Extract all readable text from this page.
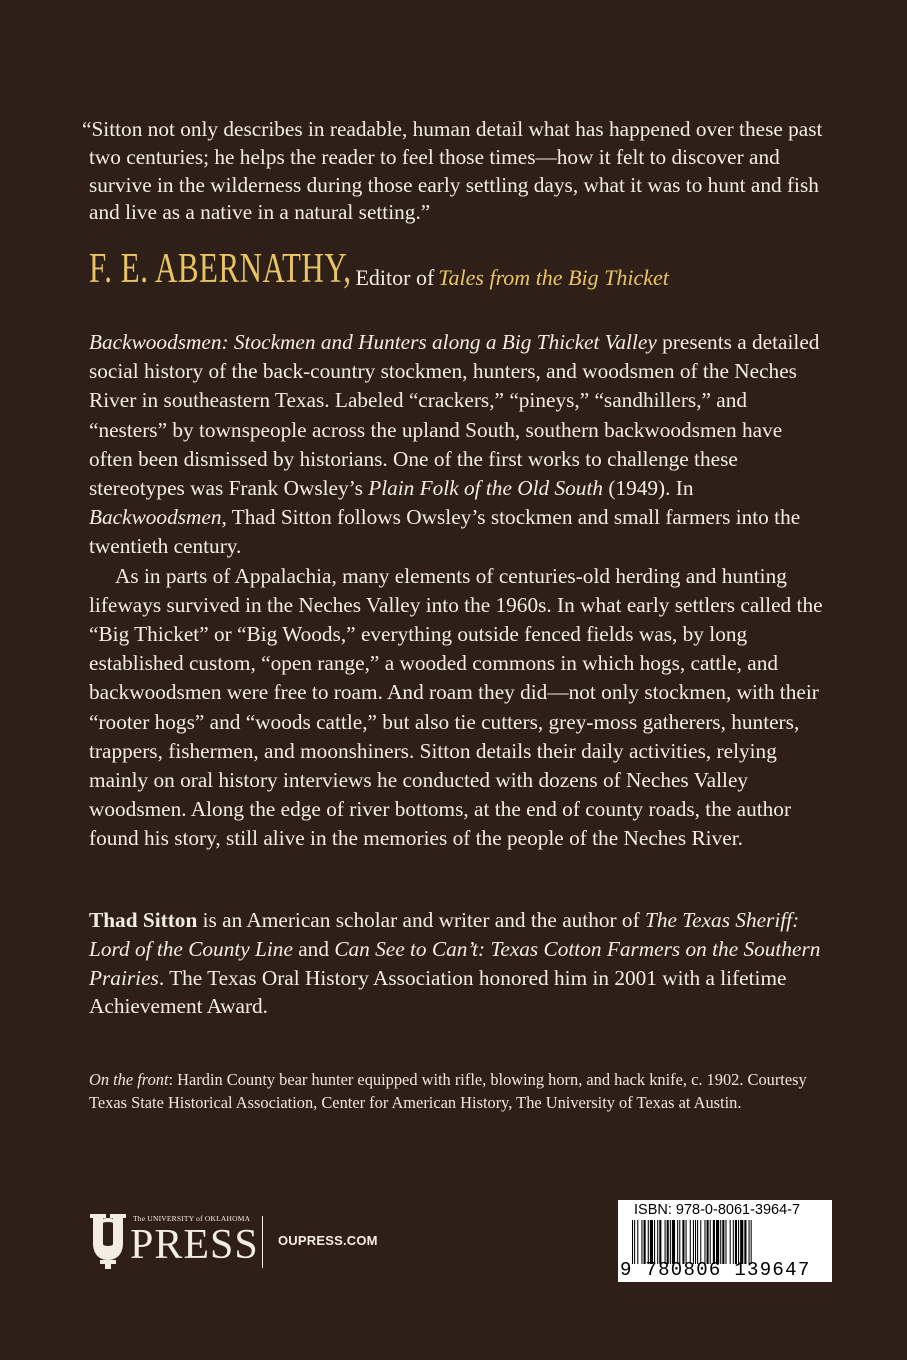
“Sitton not only describes in readable, human detail what has happened over these past two centuries; he helps the reader to feel those times—how it felt to discover and survive in the wilderness during those early settling days, what it was to hunt and fish and live as a native in a natural setting.”
F. E. ABERNATHY, Editor of Tales from the Big Thicket

Backwoodsmen: Stockmen and Hunters along a Big Thicket Valley presents a detailed social history of the back-country stockmen, hunters, and woodsmen of the Neches River in southeastern Texas. Labeled “crackers,” “pineys,” “sandhillers,” and “nesters” by townspeople across the upland South, southern backwoodsmen have often been dismissed by historians. One of the first works to challenge these stereotypes was Frank Owsley’s Plain Folk of the Old South (1949). In Backwoodsmen, Thad Sitton follows Owsley’s stockmen and small farmers into the twentieth century.

As in parts of Appalachia, many elements of centuries-old herding and hunting lifeways survived in the Neches Valley into the 1960s. In what early settlers called the “Big Thicket” or “Big Woods,” everything outside fenced fields was, by long established custom, “open range,” a wooded commons in which hogs, cattle, and backwoodsmen were free to roam. And roam they did—not only stockmen, with their “rooter hogs” and “woods cattle,” but also tie cutters, grey-moss gatherers, hunters, trappers, fishermen, and moonshiners. Sitton details their daily activities, relying mainly on oral history interviews he conducted with dozens of Neches Valley woodsmen. Along the edge of river bottoms, at the end of county roads, the author found his story, still alive in the memories of the people of the Neches River.

Thad Sitton is an American scholar and writer and the author of The Texas Sheriff: Lord of the County Line and Can See to Can’t: Texas Cotton Farmers on the Southern Prairies. The Texas Oral History Association honored him in 2001 with a lifetime Achievement Award.
On the front: Hardin County bear hunter equipped with rifle, blowing horn, and hack knife, c. 1902. Courtesy Texas State Historical Association, Center for American History, The University of Texas at Austin.
The UNIVERSITY of OKLAHOMA
PRESS OUPRESS.COM
ISBN: 978-0-8061-3964-7
9 780806 139647
